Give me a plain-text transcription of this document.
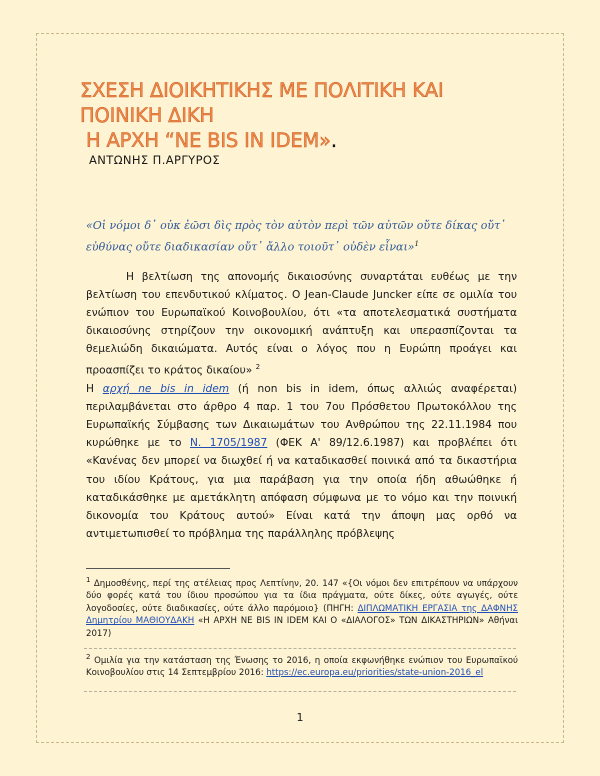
ΣΧΕΣΗ ΔΙΟΙΚΗΤΙΚΗΣ ΜΕ ΠΟΛΙΤΙΚΗ ΚΑΙ
ΠΟΙΝΙΚΗ ΔΙΚΗ
Η ΑΡΧΗ “NE BIS IN IDEM».
ΑΝΤΩΝΗΣ Π.ΑΡΓΥΡΟΣ
«Οἱ νόμοι δ᾽ οὐκ ἐῶσι δὶς πρὸς τὸν αὐτὸν περὶ τῶν αὐτῶν οὔτε δίκας οὔτ᾽ εὐθύνας οὔτε διαδικασίαν οὔτ᾽ ἄλλο τοιοῦτ᾽ οὐδὲν εἶναι»$^1$

Η βελτίωση της απονομής δικαιοσύνης συναρτάται ευθέως με την βελτίωση του επενδυτικού κλίματος. Ο Jean-Claude Juncker είπε σε ομιλία του ενώπιον του Ευρωπαϊκού Κοινοβουλίου, ότι «τα αποτελεσματικά συστήματα δικαιοσύνης στηρίζουν την οικονομική ανάπτυξη και υπερασπίζονται τα θεμελιώδη δικαιώματα. Αυτός είναι ο λόγος που η Ευρώπη προάγει και προασπίζει το κράτος δικαίου» $^2$

Η αρχή ne bis in idem (ή non bis in idem, όπως αλλιώς αναφέρεται) περιλαμβάνεται στο άρθρο 4 παρ. 1 του 7ου Πρόσθετου Πρωτοκόλλου της Ευρωπαϊκής Σύμβασης των Δικαιωμάτων του Ανθρώπου της 22.11.1984 που κυρώθηκε με το Ν. 1705/1987 (ΦΕΚ Α' 89/12.6.1987) και προβλέπει ότι «Κανένας δεν μπορεί να διωχθεί ή να καταδικασθεί ποινικά από τα δικαστήρια του ιδίου Κράτους, για μια παράβαση για την οποία ήδη αθωώθηκε ή καταδικάσθηκε με αμετάκλητη απόφαση σύμφωνα με το νόμο και την ποινική δικονομία του Κράτους αυτού» Είναι κατά την άποψη μας ορθό να αντιμετωπισθεί το πρόβλημα της παράλληλης πρόβλεψης

$^1$ Δημοσθένης, περί της ατέλειας προς Λεπτίνην, 20. 147 «{Οι νόμοι δεν επιτρέπουν να υπάρχουν δύο φορές κατά του ίδιου προσώπου για τα ίδια πράγματα, ούτε δίκες, ούτε αγωγές, ούτε λογοδοσίες, ούτε διαδικασίες, ούτε άλλο παρόμοιο} (ΠΗΓΗ: ΔΙΠΛΩΜΑΤΙΚΗ ΕΡΓΑΣΙΑ της ΔΑΦΝΗΣ Δημητρίου ΜΑΘΙΟΥΔΑΚΗ «Η ΑΡΧΗ NE BIS IN IDEM ΚΑΙ Ο «ΔΙΑΛΟΓΟΣ» ΤΩΝ ΔΙΚΑΣΤΗΡΙΩΝ» Αθήναι 2017)
$^2$ Ομιλία για την κατάσταση της Ένωσης το 2016, η οποία εκφωνήθηκε ενώπιον του Ευρωπαϊκού Κοινοβουλίου στις 14 Σεπτεμβρίου 2016: https://ec.europa.eu/priorities/state-union-2016_el
1
